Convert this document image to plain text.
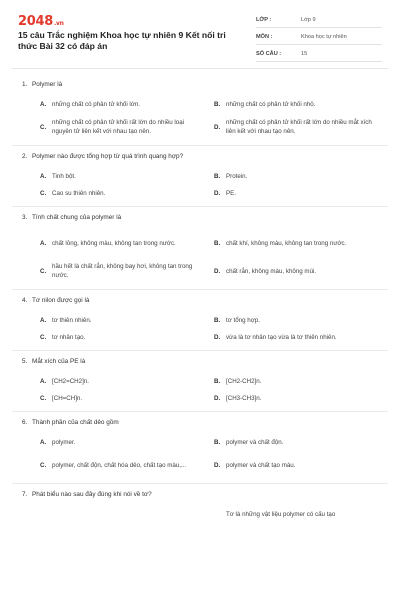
2048.vn
15 câu Trắc nghiệm Khoa học tự nhiên 9 Kết nối tri thức Bài 32 có đáp án
LỚP :	Lớp 9
MÔN :	Khoa học tự nhiên
SỐ CÂU :	15
1. Polymer là
A. những chất có phân tử khối lớn.	B. những chất có phân tử khối nhỏ.
C.
những chất có phân tử khối rất lớn do nhiều loại nguyên tử liên kết với nhau tạo nên.
D.
những chất có phân tử khối rất lớn do nhiều mắt xích liên kết với nhau tạo nên.
2. Polymer nào được tổng hợp từ quá trình quang hợp?
A. Tinh bột.	B. Protein.
C. Cao su thiên nhiên.	D. PE.
3. Tính chất chung của polymer là
A. chất lỏng, không màu, không tan trong nước.	B. chất khí, không màu, không tan trong nước.
C.
hầu hết là chất rắn, không bay hơi, không tan trong nước.
D. chất rắn, không màu, không mùi.
4. Tơ nilon được gọi là
A. tơ thiên nhiên.	B. tơ tổng hợp.
C. tơ nhân tạo.	D. vừa là tơ nhân tạo vừa là tơ thiên nhiên.
5. Mắt xích của PE là
A. [CH2=CH2]n.	B. [CH2-CH2]n.
C. [CH=CH]n.	D. [CH3-CH3]n.
6. Thành phần của chất dẻo gồm
A. polymer.	B. polymer và chất độn.
C. polymer, chất độn, chất hóa dẻo, chất tạo màu,...	D. polymer và chất tạo màu.
7. Phát biểu nào sau đây đúng khi nói về tơ?
Tơ là những vật liệu polymer có cấu tạo
